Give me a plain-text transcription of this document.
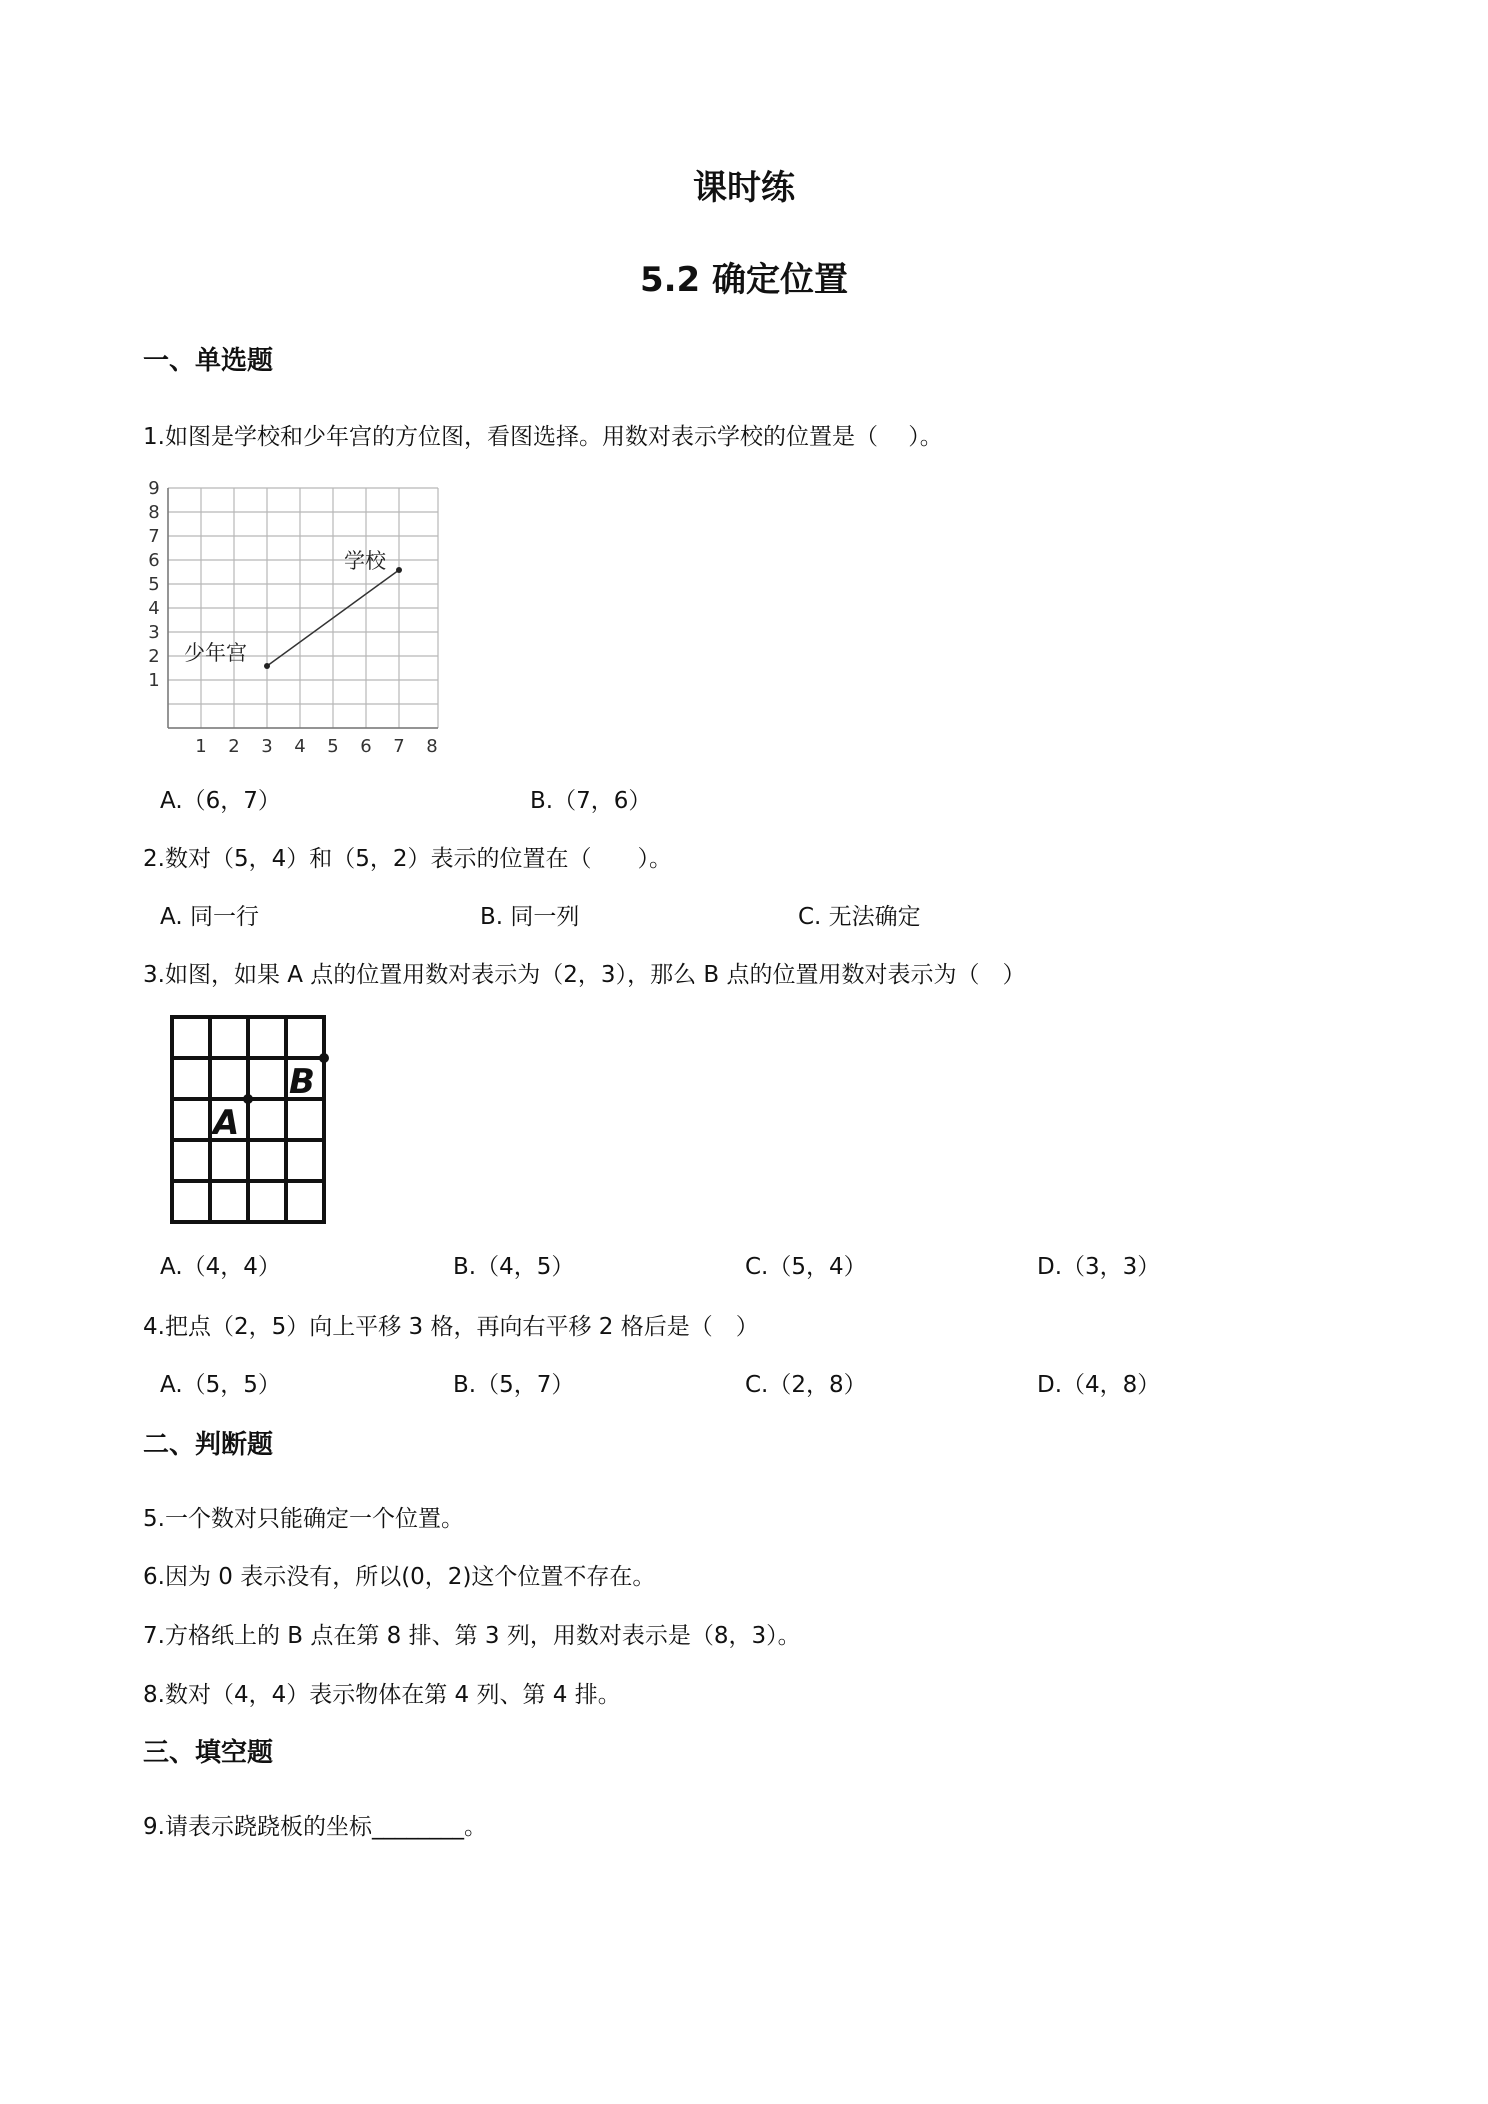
课时练
5.2 确定位置
一、单选题
1.如图是学校和少年宫的方位图，看图选择。用数对表示学校的位置是（　 ）。
9
8
7
6
5
4
3
2
1
1 2 3 4 5 6 7 8
学校
少年宫
A.（6，7）	B.（7，6）
2.数对（5，4）和（5，2）表示的位置在（　　）。
A. 同一行	B. 同一列	C. 无法确定
3.如图，如果 A 点的位置用数对表示为（2，3），那么 B 点的位置用数对表示为（　）
A
B
A.（4，4）	B.（4，5）	C.（5，4）	D.（3，3）
4.把点（2，5）向上平移 3 格，再向右平移 2 格后是（　）
A.（5，5）	B.（5，7）	C.（2，8）	D.（4，8）
二、判断题
5.一个数对只能确定一个位置。
6.因为 0 表示没有，所以(0，2)这个位置不存在。
7.方格纸上的 B 点在第 8 排、第 3 列，用数对表示是（8，3）。
8.数对（4，4）表示物体在第 4 列、第 4 排。
三、填空题
9.请表示跷跷板的坐标________。
